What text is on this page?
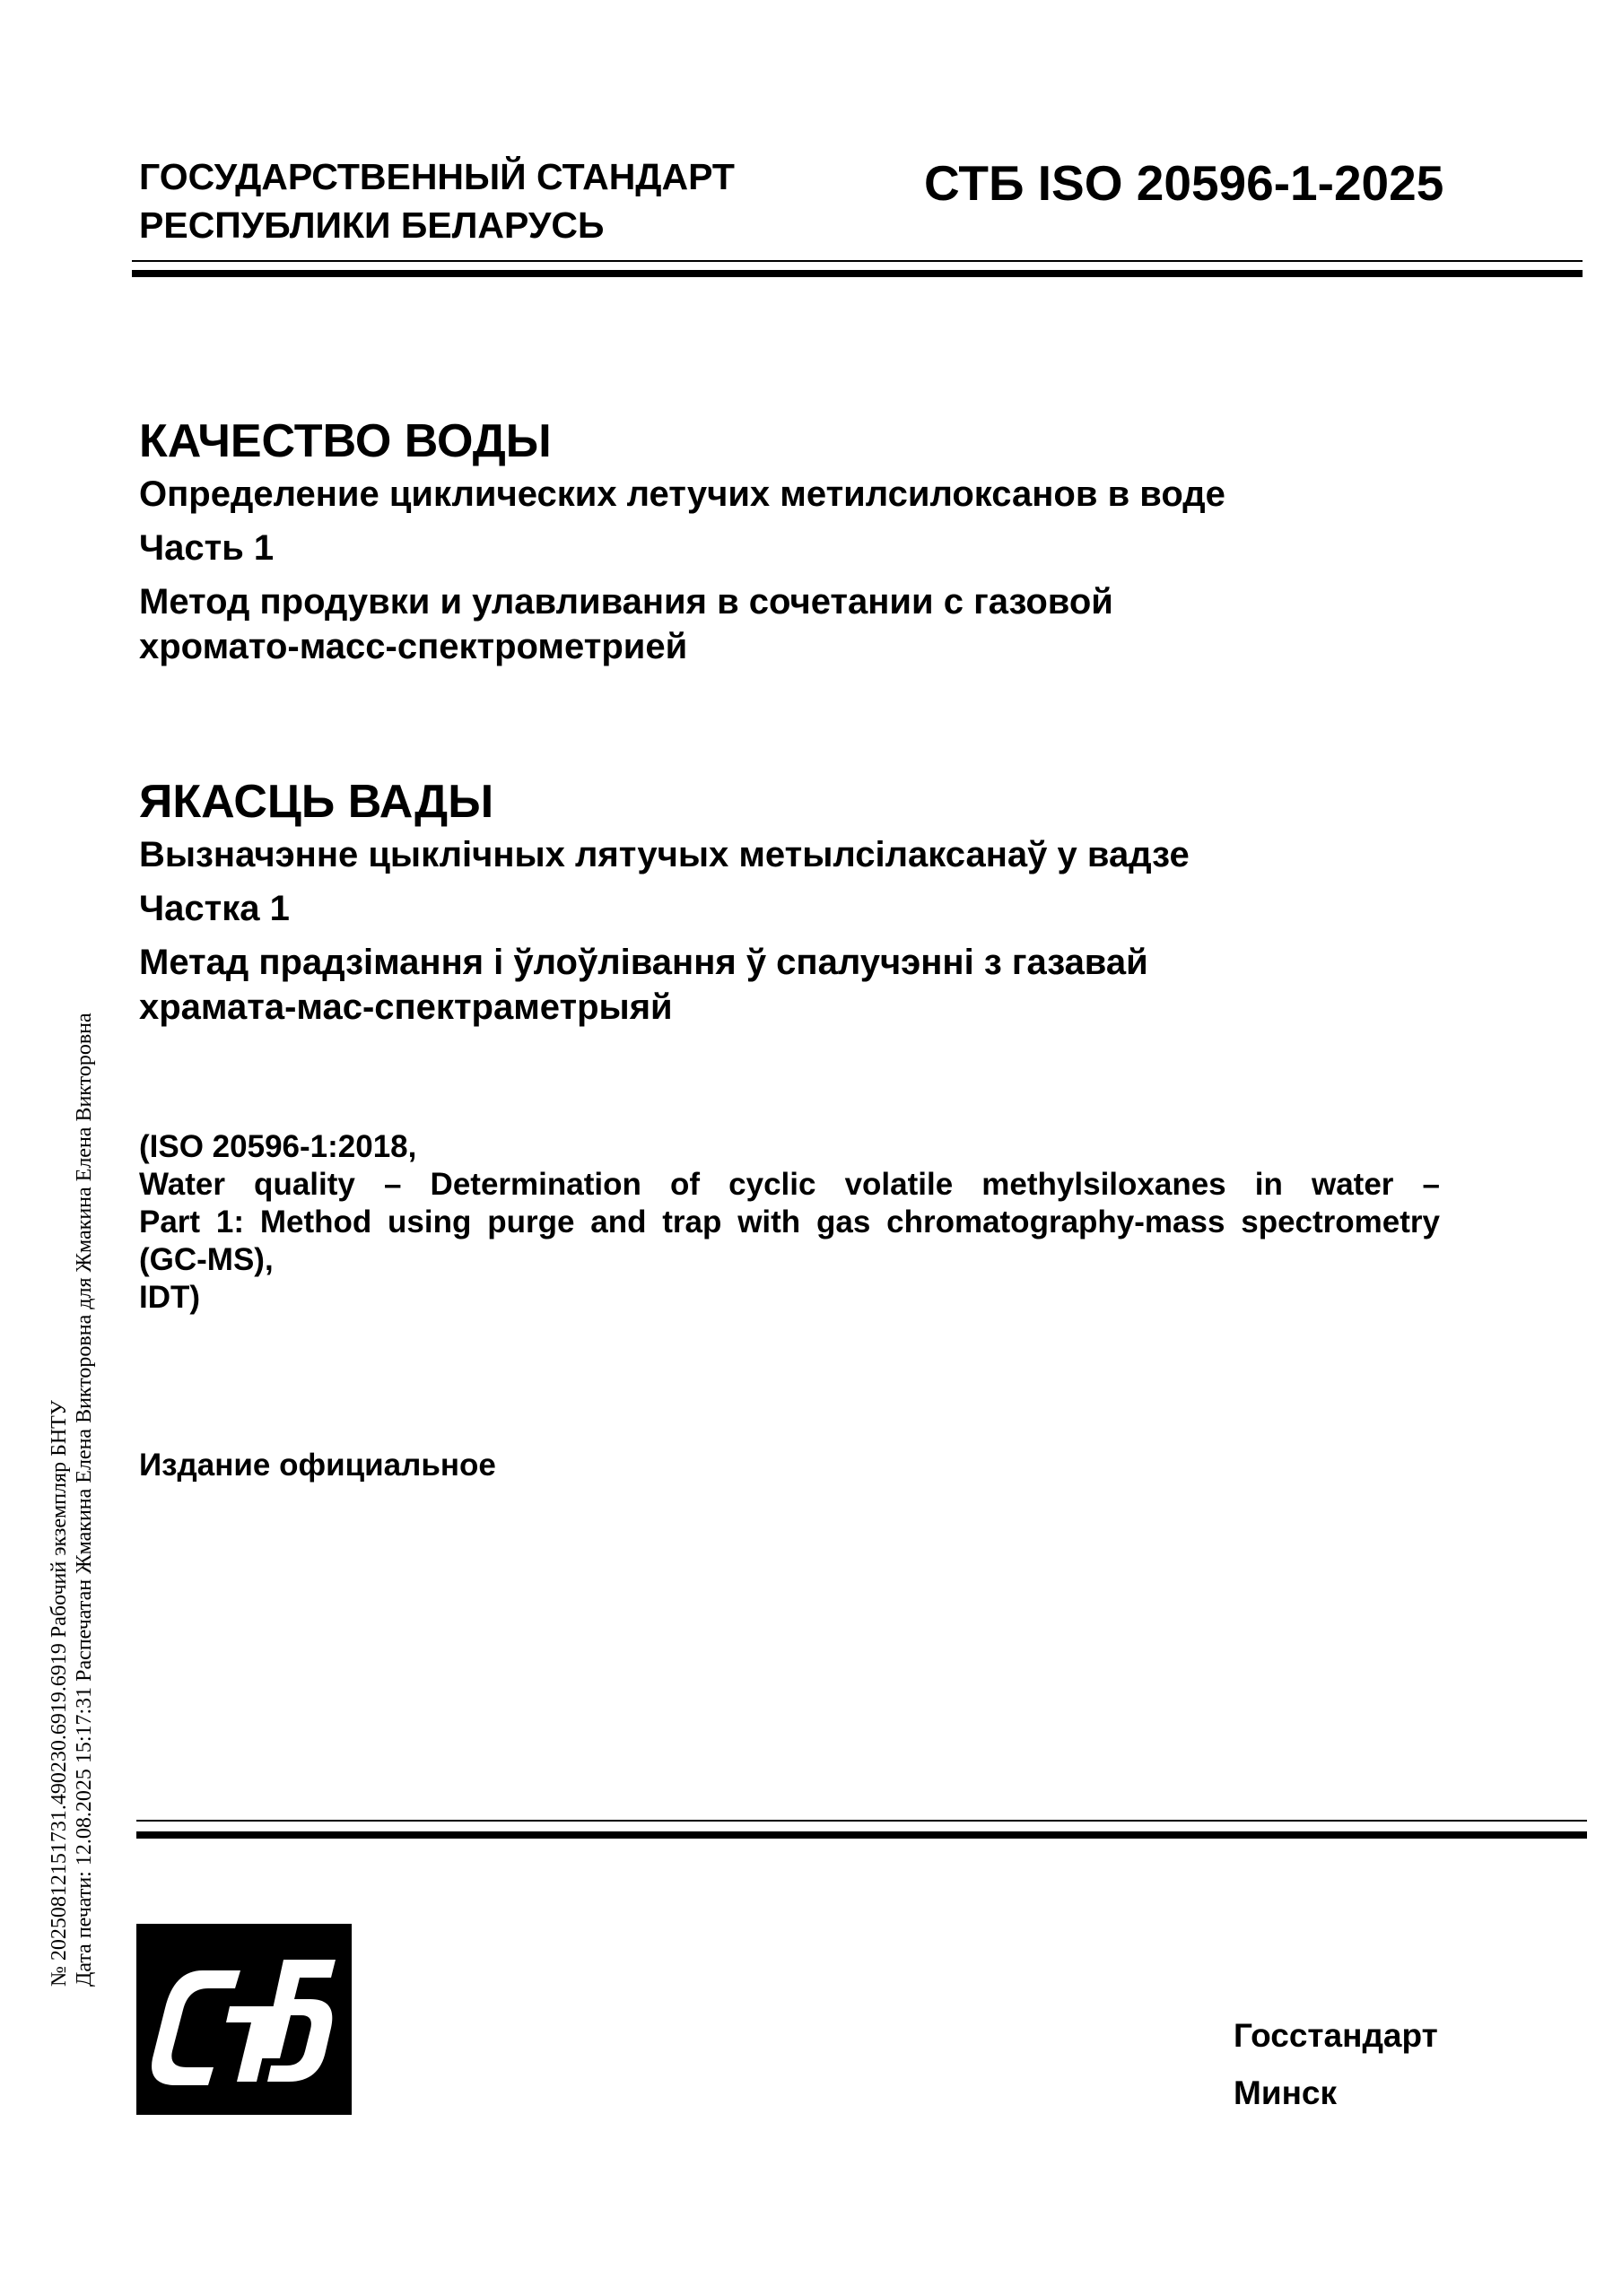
ГОСУДАРСТВЕННЫЙ СТАНДАРТ
РЕСПУБЛИКИ БЕЛАРУСЬ
СТБ ISO 20596-1-2025
КАЧЕСТВО ВОДЫ
Определение циклических летучих метилсилоксанов в воде
Часть 1
Метод продувки и улавливания в сочетании с газовой
хромато-масс-спектрометрией
ЯКАСЦЬ ВАДЫ
Вызначэнне цыклічных лятучых метылсілаксанаў у вадзе
Частка 1
Метад прадзімання і ўлоўлівання ў спалучэнні з газавай
храмата-мас-спектраметрыяй
(ISO 20596-1:2018,
Water quality – Determination of cyclic volatile methylsiloxanes in water –
Part 1: Method using purge and trap with gas chromatography-mass spectrometry
(GC-MS),
IDT)
Издание официальное
№ 20250812151731.490230.6919.6919 Рабочий экземпляр БНТУ Дата печати: 12.08.2025 15:17:31 Распечатан Жмакина Елена Викторовна для Жмакина Елена Викторовна
Госстандарт
Минск
